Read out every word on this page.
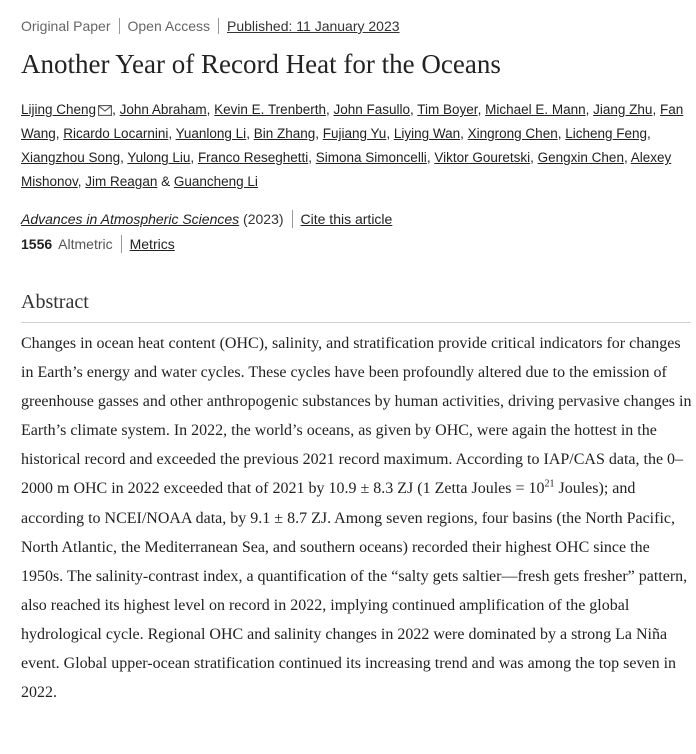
Original Paper Open Access Published: 11 January 2023
Another Year of Record Heat for the Oceans
Lijing Cheng , John Abraham, Kevin E. Trenberth, John Fasullo, Tim Boyer, Michael E. Mann, Jiang Zhu, Fan Wang, Ricardo Locarnini, Yuanlong Li, Bin Zhang, Fujiang Yu, Liying Wan, Xingrong Chen, Licheng Feng, Xiangzhou Song, Yulong Liu, Franco Reseghetti, Simona Simoncelli, Viktor Gouretski, Gengxin Chen, Alexey Mishonov, Jim Reagan & Guancheng Li
Advances in Atmospheric Sciences (2023) Cite this article
1556 Altmetric Metrics
Abstract

Changes in ocean heat content (OHC), salinity, and stratification provide critical indicators for changes in Earth’s energy and water cycles. These cycles have been profoundly altered due to the emission of greenhouse gasses and other anthropogenic substances by human activities, driving pervasive changes in Earth’s climate system. In 2022, the world’s oceans, as given by OHC, were again the hottest in the historical record and exceeded the previous 2021 record maximum. According to IAP/CAS data, the 0–2000 m OHC in 2022 exceeded that of 2021 by 10.9 ± 8.3 ZJ (1 Zetta Joules = $10^{21}$ Joules); and according to NCEI/NOAA data, by 9.1 ± 8.7 ZJ. Among seven regions, four basins (the North Pacific, North Atlantic, the Mediterranean Sea, and southern oceans) recorded their highest OHC since the 1950s. The salinity-contrast index, a quantification of the “salty gets saltier—fresh gets fresher” pattern, also reached its highest level on record in 2022, implying continued amplification of the global hydrological cycle. Regional OHC and salinity changes in 2022 were dominated by a strong La Niña event. Global upper-ocean stratification continued its increasing trend and was among the top seven in 2022.
